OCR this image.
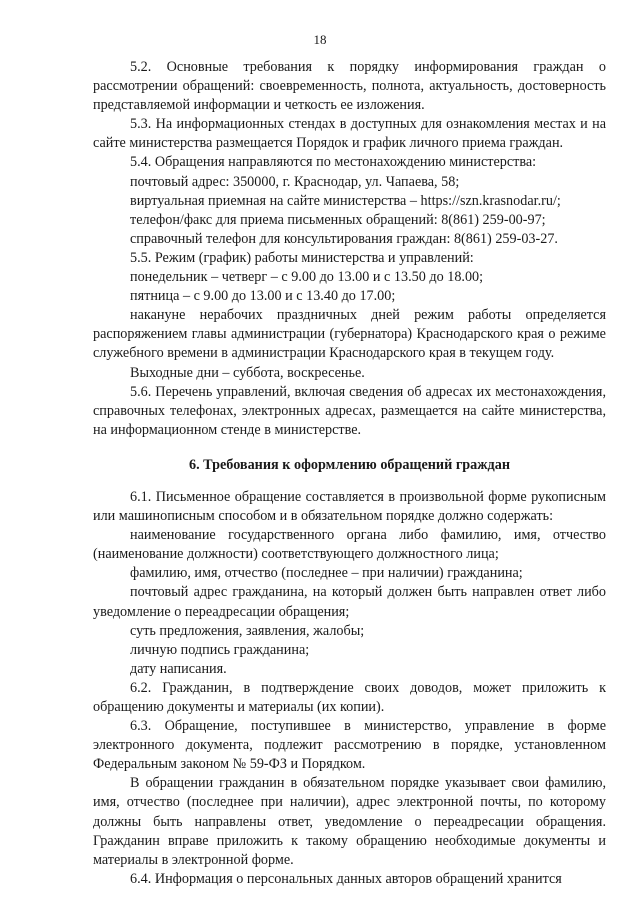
18

5.2. Основные требования к порядку информирования граждан о рассмотрении обращений: своевременность, полнота, актуальность, достоверность представляемой информации и четкость ее изложения.

5.3. На информационных стендах в доступных для ознакомления местах и на сайте министерства размещается Порядок и график личного приема граждан.

5.4. Обращения направляются по местонахождению министерства:

почтовый адрес: 350000, г. Краснодар, ул. Чапаева, 58;

виртуальная приемная на сайте министерства – https://szn.krasnodar.ru/;

телефон/факс для приема письменных обращений: 8(861) 259-00-97;

справочный телефон для консультирования граждан: 8(861) 259-03-27.

5.5. Режим (график) работы министерства и управлений:

понедельник – четверг – с 9.00 до 13.00 и с 13.50 до 18.00;

пятница – с 9.00 до 13.00 и с 13.40 до 17.00;

накануне нерабочих праздничных дней режим работы определяется распоряжением главы администрации (губернатора) Краснодарского края о режиме служебного времени в администрации Краснодарского края в текущем году.

Выходные дни – суббота, воскресенье.

5.6. Перечень управлений, включая сведения об адресах их местонахождения, справочных телефонах, электронных адресах, размещается на сайте министерства, на информационном стенде в министерстве.

6. Требования к оформлению обращений граждан

6.1. Письменное обращение составляется в произвольной форме рукописным или машинописным способом и в обязательном порядке должно содержать:

наименование государственного органа либо фамилию, имя, отчество (наименование должности) соответствующего должностного лица;

фамилию, имя, отчество (последнее – при наличии) гражданина;

почтовый адрес гражданина, на который должен быть направлен ответ либо уведомление о переадресации обращения;

суть предложения, заявления, жалобы;

личную подпись гражданина;

дату написания.

6.2. Гражданин, в подтверждение своих доводов, может приложить к обращению документы и материалы (их копии).

6.3. Обращение, поступившее в министерство, управление в форме электронного документа, подлежит рассмотрению в порядке, установленном Федеральным законом № 59-ФЗ и Порядком.

В обращении гражданин в обязательном порядке указывает свои фамилию, имя, отчество (последнее при наличии), адрес электронной почты, по которому должны быть направлены ответ, уведомление о переадресации обращения. Гражданин вправе приложить к такому обращению необходимые документы и материалы в электронной форме.

6.4. Информация о персональных данных авторов обращений хранится
